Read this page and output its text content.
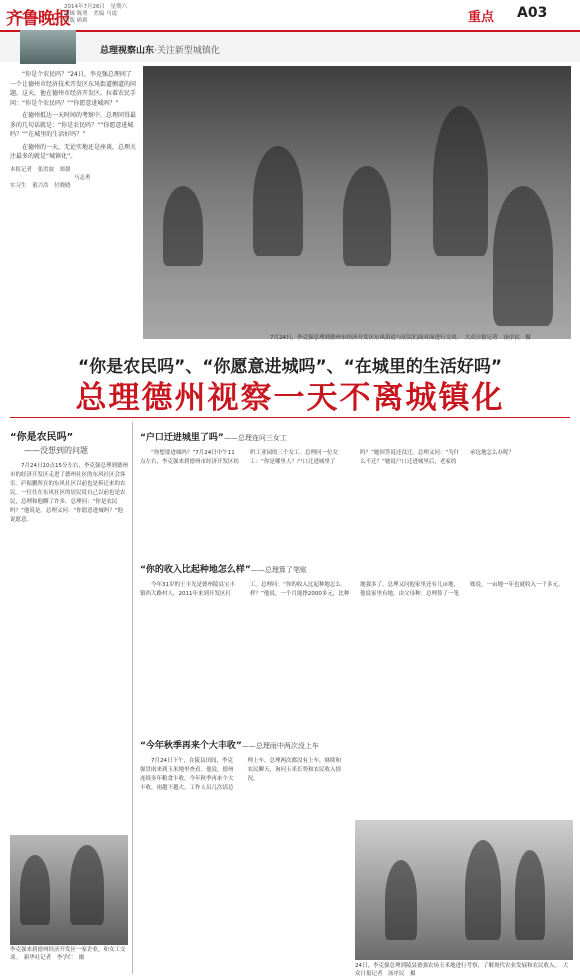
齐鲁晚报
2014年7月26日　星期六
编辑 陈勇　美编 马震
组版 顾莉	重点 A03
总理视察山东·关注新型城镇化

“你是个农民吗？”24日，李克强总理问了一个让德州市经济技术开发区东风街道侧道的问题。这天，他在德州市经济开发区，拉着农民手问：“你是个农民吗？”“你愿意进城吗？”

在德州抵达一天时间的考察中，总理问得最多的几句话就是：“你是农民吗？”“你愿意进城吗？”“在城里的生活好吗？”

在德州的一天，无论实地还是座谈，总理关注最多的就是“城镇化”。

本报记者　张洪波　郑儒
马志勇
实习生　董兴浩　付晓晓
7月24日，李克强总理到德州市经济开发区东风街道与居民们面对面进行交谈。　大众日报记者　汤序民　摄
“你是农民吗”、“你愿意进城吗”、“在城里的生活好吗”
总理德州视察一天不离城镇化
“你是农民吗”
——没想到的问题

7月24日10点15分左右，李克强总理到德州市的经济开发区走进了德州社区的东风社区会客室。庐振鹏所在的东风社区以前也是拆迁来的农民。一位住在东风社区的居民说自己以前也是农民，总理和他聊了许多。总理问：“你是农民吗？”他说是。总理又问：“你愿意进城吗？”他说愿意。

李克强来到德州经济开发区一家企业，和女工交谈。　新华社记者　李学仁　摄
“户口迁进城里了吗”——总理连问三女工

“你想要进城吗？”7月24日中午11点左右，李克强来到德州市经济开发区纺织工业园的三个女工。总理问一位女工：“你是哪里人？户口迁进城里了吗？”她回答说还没迁。总理又问：“为什么不迁？”她说户口迁进城里后，老家的承包地怎么办呢？

“你的收入比起种地怎么样”——总理算了笔账

今年31岁的王丰光是德州陵县宝丰镇西大路村人，2011年来到开发区打工。总理问：“你的收入比起种地怎么样？”他说，一个月能挣2000多元，比种地强多了。总理又问他家里还有几亩地，他说家里有地，由父母种。总理算了一笔账说，一亩地一年也就收入一千多元。

“今年秋季再来个大丰收”——总理雨中两次没上车

7月24日下午，在陵县田间，李克强冒雨来到玉米地里查看。他说，德州连续多年粮食丰收，今年秋季再来个大丰收。雨越下越大，工作人员几次请总理上车，总理两次都没有上车，继续和农民聊天，询问玉米长势和农民收入情况。

24日，李克强总理到陵县德强农场玉米地进行考察，了解现代农业发展和农民收入。　大众日报记者　汤序民　摄
